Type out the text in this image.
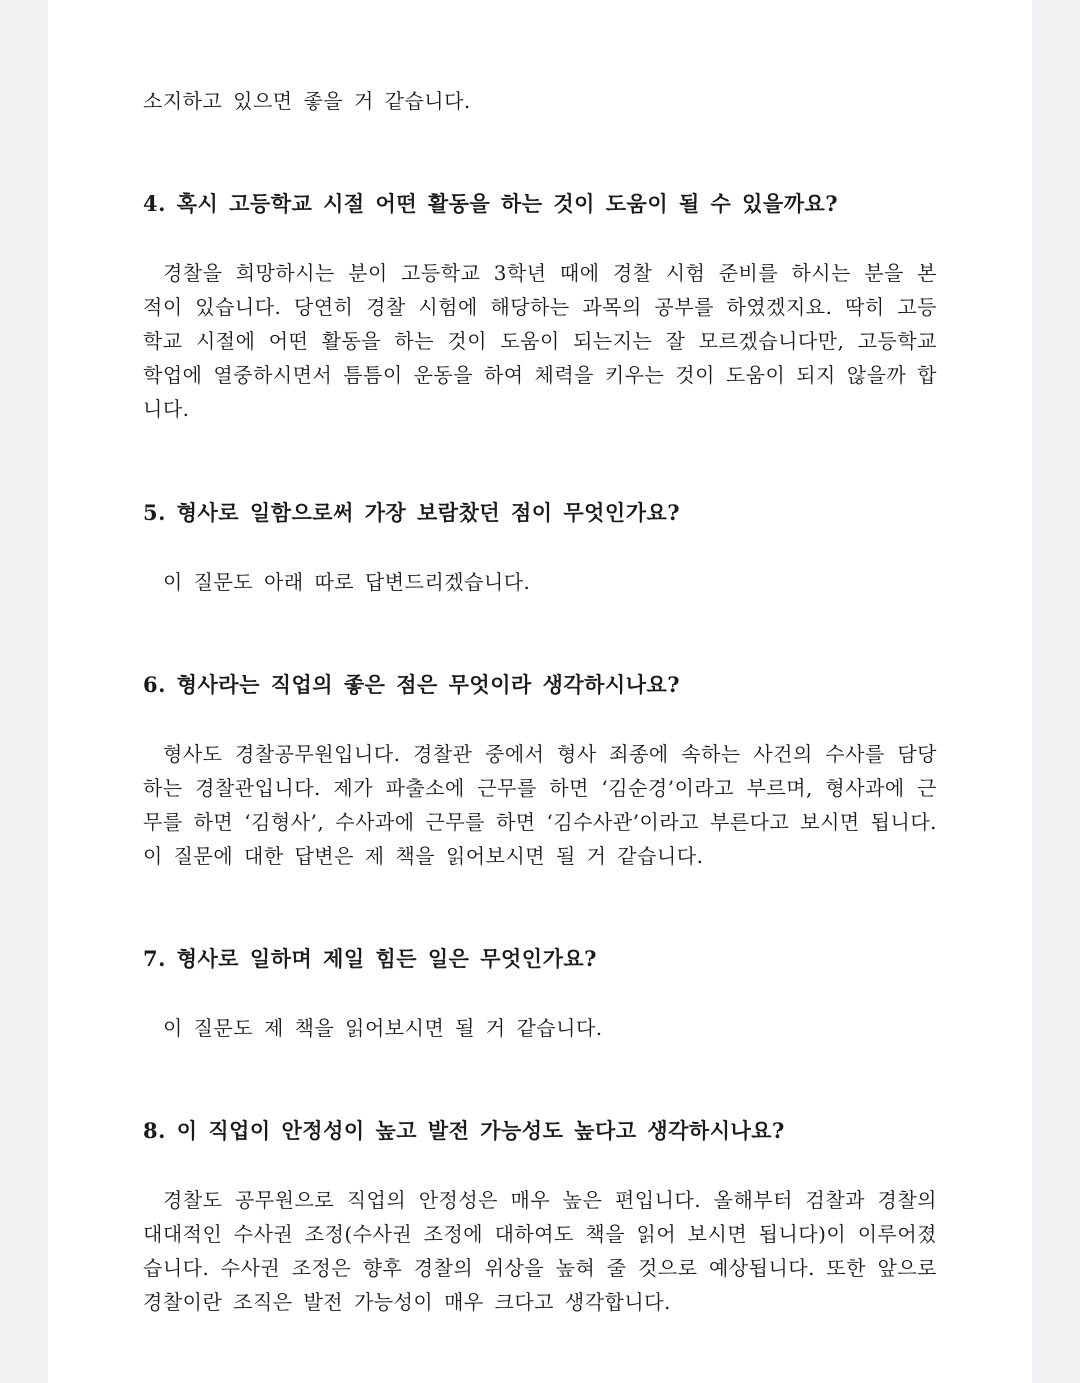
소지하고 있으면 좋을 거 같습니다.

4. 혹시 고등학교 시절 어떤 활동을 하는 것이 도움이 될 수 있을까요?

경찰을 희망하시는 분이 고등학교 3학년 때에 경찰 시험 준비를 하시는 분을 본 적이 있습니다. 당연히 경찰 시험에 해당하는 과목의 공부를 하였겠지요. 딱히 고등학교 시절에 어떤 활동을 하는 것이 도움이 되는지는 잘 모르겠습니다만, 고등학교 학업에 열중하시면서 틈틈이 운동을 하여 체력을 키우는 것이 도움이 되지 않을까 합니다.

5. 형사로 일함으로써 가장 보람찼던 점이 무엇인가요?

이 질문도 아래 따로 답변드리겠습니다.

6. 형사라는 직업의 좋은 점은 무엇이라 생각하시나요?

형사도 경찰공무원입니다. 경찰관 중에서 형사 죄종에 속하는 사건의 수사를 담당하는 경찰관입니다. 제가 파출소에 근무를 하면 ‘김순경’이라고 부르며, 형사과에 근무를 하면 ‘김형사’, 수사과에 근무를 하면 ‘김수사관’이라고 부른다고 보시면 됩니다. 이 질문에 대한 답변은 제 책을 읽어보시면 될 거 같습니다.

7. 형사로 일하며 제일 힘든 일은 무엇인가요?

이 질문도 제 책을 읽어보시면 될 거 같습니다.

8. 이 직업이 안정성이 높고 발전 가능성도 높다고 생각하시나요?

경찰도 공무원으로 직업의 안정성은 매우 높은 편입니다. 올해부터 검찰과 경찰의 대대적인 수사권 조정(수사권 조정에 대하여도 책을 읽어 보시면 됩니다)이 이루어졌습니다. 수사권 조정은 향후 경찰의 위상을 높혀 줄 것으로 예상됩니다. 또한 앞으로 경찰이란 조직은 발전 가능성이 매우 크다고 생각합니다.
